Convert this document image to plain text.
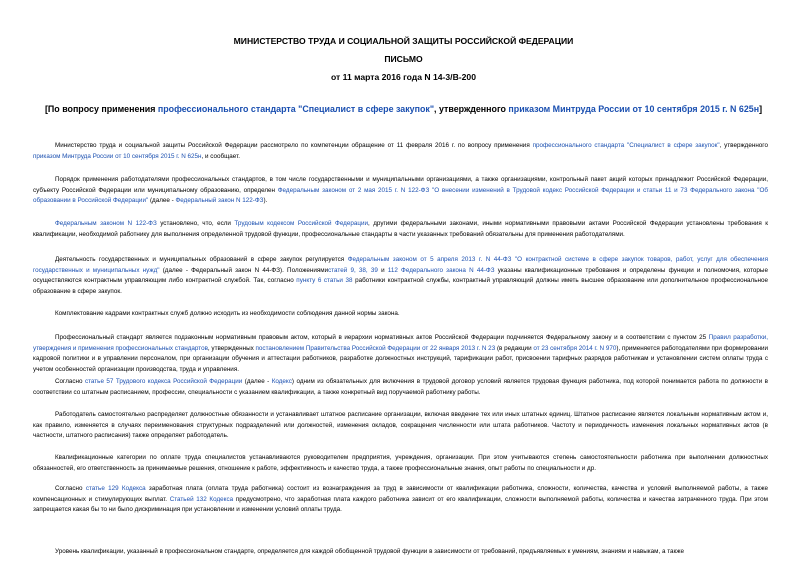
МИНИСТЕРСТВО ТРУДА И СОЦИАЛЬНОЙ ЗАЩИТЫ РОССИЙСКОЙ ФЕДЕРАЦИИ
ПИСЬМО
от 11 марта 2016 года N 14-3/В-200
[По вопросу применения профессионального стандарта "Специалист в сфере закупок", утвержденного приказом Минтруда России от 10 сентября 2015 г. N 625н]

Министерство труда и социальной защиты Российской Федерации рассмотрело по компетенции обращение от 11 февраля 2016 г. по вопросу применения профессионального стандарта "Специалист в сфере закупок", утвержденного приказом Минтруда России от 10 сентября 2015 г. N 625н, и сообщает.

Порядок применения работодателями профессиональных стандартов, в том числе государственными и муниципальными организациями, а также организациями, контрольный пакет акций которых принадлежит Российской Федерации, субъекту Российской Федерации или муниципальному образованию, определен Федеральным законом от 2 мая 2015 г. N 122-ФЗ "О внесении изменений в Трудовой кодекс Российской Федерации и статьи 11 и 73 Федерального закона "Об образовании в Российской Федерации" (далее - Федеральный закон N 122-ФЗ).

Федеральным законом N 122-ФЗ установлено, что, если Трудовым кодексом Российской Федерации, другими федеральными законами, иными нормативными правовыми актами Российской Федерации установлены требования к квалификации, необходимой работнику для выполнения определенной трудовой функции, профессиональные стандарты в части указанных требований обязательны для применения работодателями.

Деятельность государственных и муниципальных образований в сфере закупок регулируется Федеральным законом от 5 апреля 2013 г. N 44-ФЗ "О контрактной системе в сфере закупок товаров, работ, услуг для обеспечения государственных и муниципальных нужд" (далее - Федеральный закон N 44-ФЗ). Положениямистатей 9, 38, 39 и 112 Федерального закона N 44-ФЗ указаны квалификационные требования и определены функции и полномочия, которые осуществляются контрактным управляющим либо контрактной службой. Так, согласно пункту 6 статьи 38 работники контрактной службы, контрактный управляющий должны иметь высшее образование или дополнительное профессиональное образование в сфере закупок.

Комплектование кадрами контрактных служб должно исходить из необходимости соблюдения данной нормы закона.

Профессиональный стандарт является подзаконным нормативным правовым актом, который в иерархии нормативных актов Российской Федерации подчиняется Федеральному закону и в соответствии с пунктом 25 Правил разработки, утверждения и применения профессиональных стандартов, утвержденных постановлением Правительства Российской Федерации от 22 января 2013 г. N 23 (в редакции от 23 сентября 2014 г. N 970), применяется работодателями при формировании кадровой политики и в управлении персоналом, при организации обучения и аттестации работников, разработке должностных инструкций, тарификации работ, присвоении тарифных разрядов работникам и установлении систем оплаты труда с учетом особенностей организации производства, труда и управления.

Согласно статье 57 Трудового кодекса Российской Федерации (далее - Кодекс) одним из обязательных для включения в трудовой договор условий является трудовая функция работника, под которой понимается работа по должности в соответствии со штатным расписанием, профессии, специальности с указанием квалификации, а также конкретный вид поручаемой работнику работы.

Работодатель самостоятельно распределяет должностные обязанности и устанавливает штатное расписание организации, включая введение тех или иных штатных единиц. Штатное расписание является локальным нормативным актом и, как правило, изменяется в случаях переименования структурных подразделений или должностей, изменения окладов, сокращения численности или штата работников. Частоту и периодичность изменения локальных нормативных актов (в частности, штатного расписания) также определяет работодатель.

Квалификационные категории по оплате труда специалистов устанавливаются руководителем предприятия, учреждения, организации. При этом учитываются степень самостоятельности работника при выполнении должностных обязанностей, его ответственность за принимаемые решения, отношение к работе, эффективность и качество труда, а также профессиональные знания, опыт работы по специальности и др.

Согласно статье 129 Кодекса заработная плата (оплата труда работника) состоит из вознаграждения за труд в зависимости от квалификации работника, сложности, количества, качества и условий выполняемой работы, а также компенсационных и стимулирующих выплат. Статьей 132 Кодекса предусмотрено, что заработная плата каждого работника зависит от его квалификации, сложности выполняемой работы, количества и качества затраченного труда. При этом запрещается какая бы то ни было дискриминация при установлении и изменении условий оплаты труда.

Уровень квалификации, указанный в профессиональном стандарте, определяется для каждой обобщенной трудовой функции в зависимости от требований, предъявляемых к умениям, знаниям и навыкам, а также
